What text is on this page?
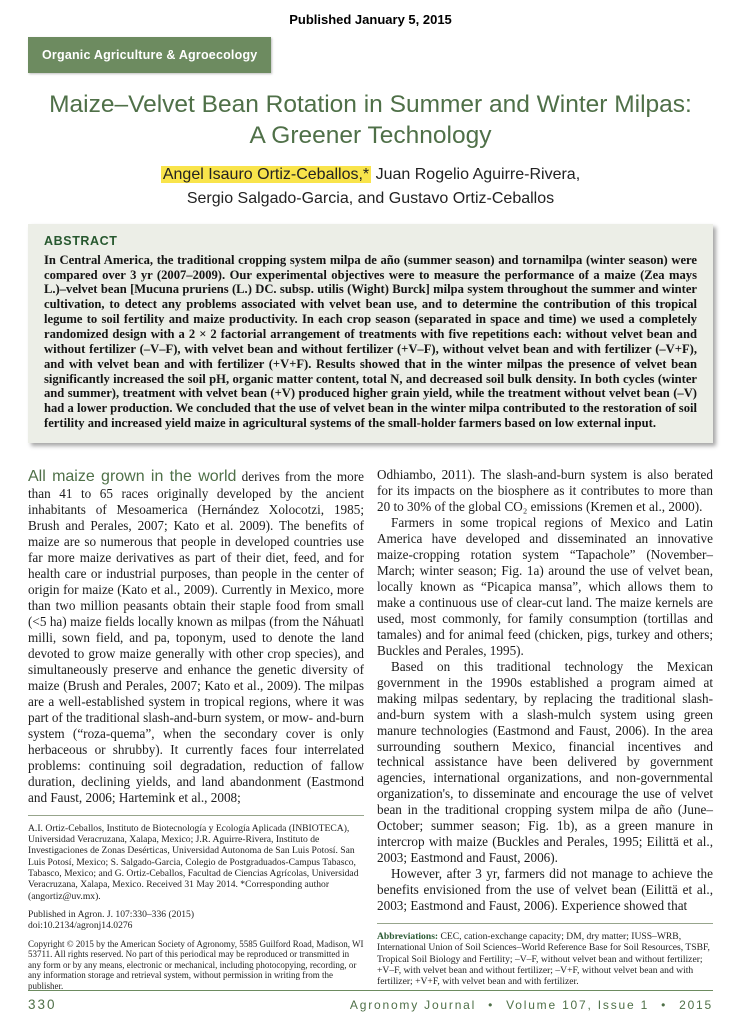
Published January 5, 2015
Organic Agriculture & Agroecology
Maize–Velvet Bean Rotation in Summer and Winter Milpas:
A Greener Technology
Angel Isauro Ortiz-Ceballos,* Juan Rogelio Aguirre-Rivera,
Sergio Salgado-Garcia, and Gustavo Ortiz-Ceballos
ABSTRACT
In Central America, the traditional cropping system milpa de año (summer season) and tornamilpa (winter season) were compared over 3 yr (2007–2009). Our experimental objectives were to measure the performance of a maize (Zea mays L.)–velvet bean [Mucuna pruriens (L.) DC. subsp. utilis (Wight) Burck] milpa system throughout the summer and winter cultivation, to detect any problems associated with velvet bean use, and to determine the contribution of this tropical legume to soil fertility and maize productivity. In each crop season (separated in space and time) we used a completely randomized design with a 2 × 2 factorial arrangement of treatments with five repetitions each: without velvet bean and without fertilizer (–V–F), with velvet bean and without fertilizer (+V–F), without velvet bean and with fertilizer (–V+F), and with velvet bean and with fertilizer (+V+F). Results showed that in the winter milpas the presence of velvet bean significantly increased the soil pH, organic matter content, total N, and decreased soil bulk density. In both cycles (winter and summer), treatment with velvet bean (+V) produced higher grain yield, while the treatment without velvet bean (–V) had a lower production. We concluded that the use of velvet bean in the winter milpa contributed to the restoration of soil fertility and increased yield maize in agricultural systems of the small-holder farmers based on low external input.

All maize grown in the world derives from the more than 41 to 65 races originally developed by the ancient inhabitants of Mesoamerica (Hernández Xolocotzi, 1985; Brush and Perales, 2007; Kato et al. 2009). The benefits of maize are so numerous that people in developed countries use far more maize derivatives as part of their diet, feed, and for health care or industrial purposes, than people in the center of origin for maize (Kato et al., 2009). Currently in Mexico, more than two million peasants obtain their staple food from small (<5 ha) maize fields locally known as milpas (from the Náhuatl milli, sown field, and pa, toponym, used to denote the land devoted to grow maize generally with other crop species), and simultaneously preserve and enhance the genetic diversity of maize (Brush and Perales, 2007; Kato et al., 2009). The milpas are a well-established system in tropical regions, where it was part of the traditional slash-and-burn system, or mow- and-burn system (“roza-quema”, when the secondary cover is only herbaceous or shrubby). It currently faces four interrelated problems: continuing soil degradation, reduction of fallow duration, declining yields, and land abandonment (Eastmond and Faust, 2006; Hartemink et al., 2008;

A.I. Ortiz-Ceballos, Instituto de Biotecnología y Ecología Aplicada (INBIOTECA), Universidad Veracruzana, Xalapa, Mexico; J.R. Aguirre-Rivera, Instituto de Investigaciones de Zonas Desérticas, Universidad Autonoma de San Luis Potosí. San Luis Potosí, Mexico; S. Salgado-Garcia, Colegio de Postgraduados-Campus Tabasco, Tabasco, Mexico; and G. Ortiz-Ceballos, Facultad de Ciencias Agrícolas, Universidad Veracruzana, Xalapa, Mexico. Received 31 May 2014. *Corresponding author (angortiz@uv.mx).

Published in Agron. J. 107:330–336 (2015)
doi:10.2134/agronj14.0276

Copyright © 2015 by the American Society of Agronomy, 5585 Guilford Road, Madison, WI 53711. All rights reserved. No part of this periodical may be reproduced or transmitted in any form or by any means, electronic or mechanical, including photocopying, recording, or any information storage and retrieval system, without permission in writing from the publisher.

Odhiambo, 2011). The slash-and-burn system is also berated for its impacts on the biosphere as it contributes to more than 20 to 30% of the global CO₂ emissions (Kremen et al., 2000).

Farmers in some tropical regions of Mexico and Latin America have developed and disseminated an innovative maize-cropping rotation system “Tapachole” (November–March; winter season; Fig. 1a) around the use of velvet bean, locally known as “Picapica mansa”, which allows them to make a continuous use of clear-cut land. The maize kernels are used, most commonly, for family consumption (tortillas and tamales) and for animal feed (chicken, pigs, turkey and others; Buckles and Perales, 1995).

Based on this traditional technology the Mexican government in the 1990s established a program aimed at making milpas sedentary, by replacing the traditional slash-and-burn system with a slash-mulch system using green manure technologies (Eastmond and Faust, 2006). In the area surrounding southern Mexico, financial incentives and technical assistance have been delivered by government agencies, international organizations, and non-governmental organization's, to disseminate and encourage the use of velvet bean in the traditional cropping system milpa de año (June–October; summer season; Fig. 1b), as a green manure in intercrop with maize (Buckles and Perales, 1995; Eilittä et al., 2003; Eastmond and Faust, 2006).

However, after 3 yr, farmers did not manage to achieve the benefits envisioned from the use of velvet bean (Eilittä et al., 2003; Eastmond and Faust, 2006). Experience showed that

Abbreviations: CEC, cation-exchange capacity; DM, dry matter; IUSS–WRB, International Union of Soil Sciences–World Reference Base for Soil Resources, TSBF, Tropical Soil Biology and Fertility; –V–F, without velvet bean and without fertilizer; +V–F, with velvet bean and without fertilizer; –V+F, without velvet bean and with fertilizer; +V+F, with velvet bean and with fertilizer.

330	Agronomy Journal • Volume 107, Issue 1 • 2015
